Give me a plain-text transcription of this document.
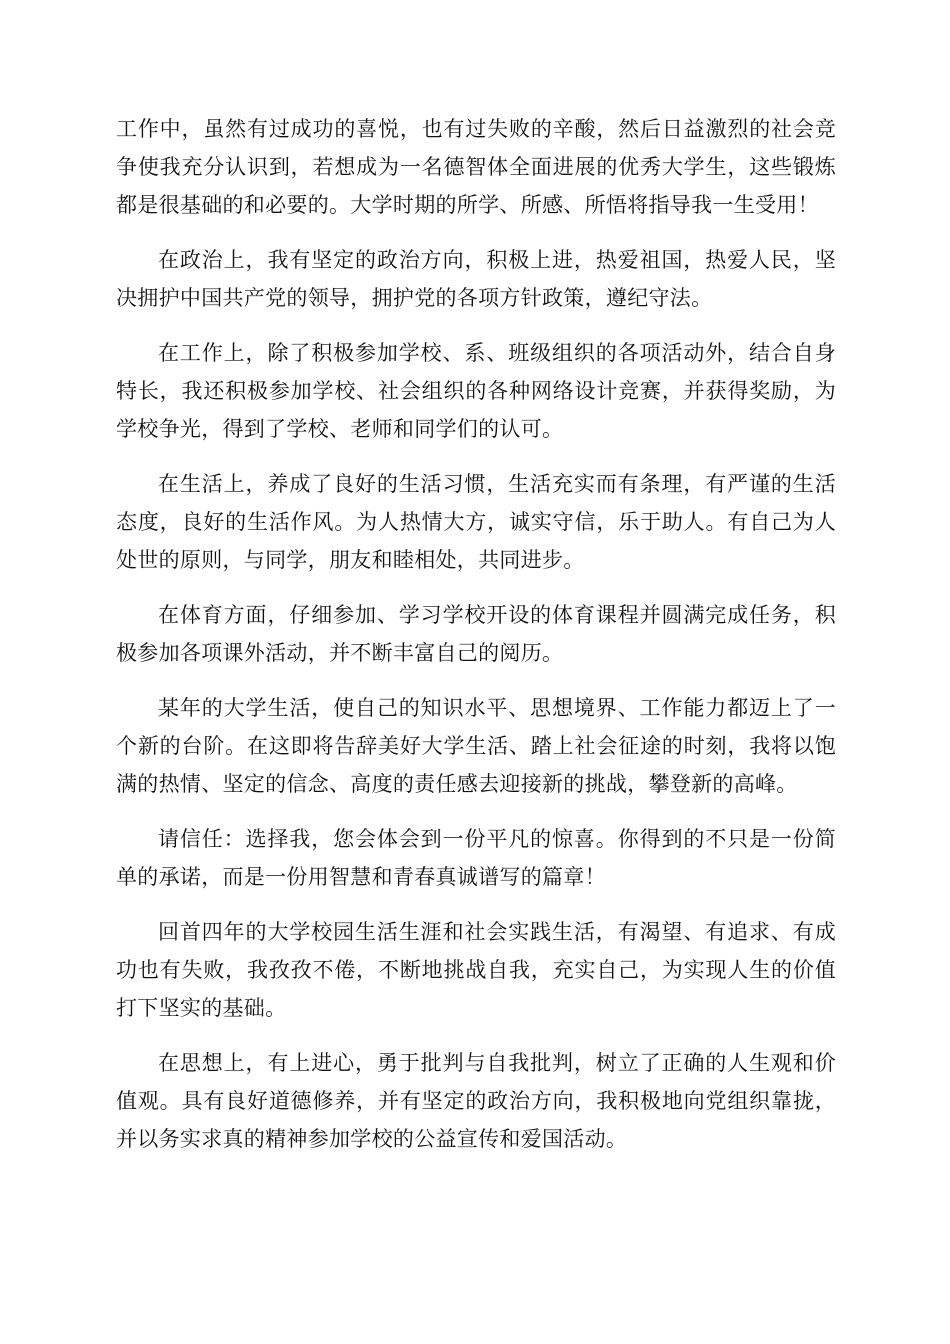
工作中，虽然有过成功的喜悦，也有过失败的辛酸，然后日益激烈的社会竞争使我充分认识到，若想成为一名德智体全面进展的优秀大学生，这些锻炼都是很基础的和必要的。大学时期的所学、所感、所悟将指导我一生受用！

在政治上，我有坚定的政治方向，积极上进，热爱祖国，热爱人民，坚决拥护中国共产党的领导，拥护党的各项方针政策，遵纪守法。

在工作上，除了积极参加学校、系、班级组织的各项活动外，结合自身特长，我还积极参加学校、社会组织的各种网络设计竞赛，并获得奖励，为学校争光，得到了学校、老师和同学们的认可。

在生活上，养成了良好的生活习惯，生活充实而有条理，有严谨的生活态度，良好的生活作风。为人热情大方，诚实守信，乐于助人。有自己为人处世的原则，与同学，朋友和睦相处，共同进步。

在体育方面，仔细参加、学习学校开设的体育课程并圆满完成任务，积极参加各项课外活动，并不断丰富自己的阅历。

某年的大学生活，使自己的知识水平、思想境界、工作能力都迈上了一个新的台阶。在这即将告辞美好大学生活、踏上社会征途的时刻，我将以饱满的热情、坚定的信念、高度的责任感去迎接新的挑战，攀登新的高峰。

请信任：选择我，您会体会到一份平凡的惊喜。你得到的不只是一份简单的承诺，而是一份用智慧和青春真诚谱写的篇章！

回首四年的大学校园生活生涯和社会实践生活，有渴望、有追求、有成功也有失败，我孜孜不倦，不断地挑战自我，充实自己，为实现人生的价值打下坚实的基础。

在思想上，有上进心，勇于批判与自我批判，树立了正确的人生观和价值观。具有良好道德修养，并有坚定的政治方向，我积极地向党组织靠拢，并以务实求真的精神参加学校的公益宣传和爱国活动。
